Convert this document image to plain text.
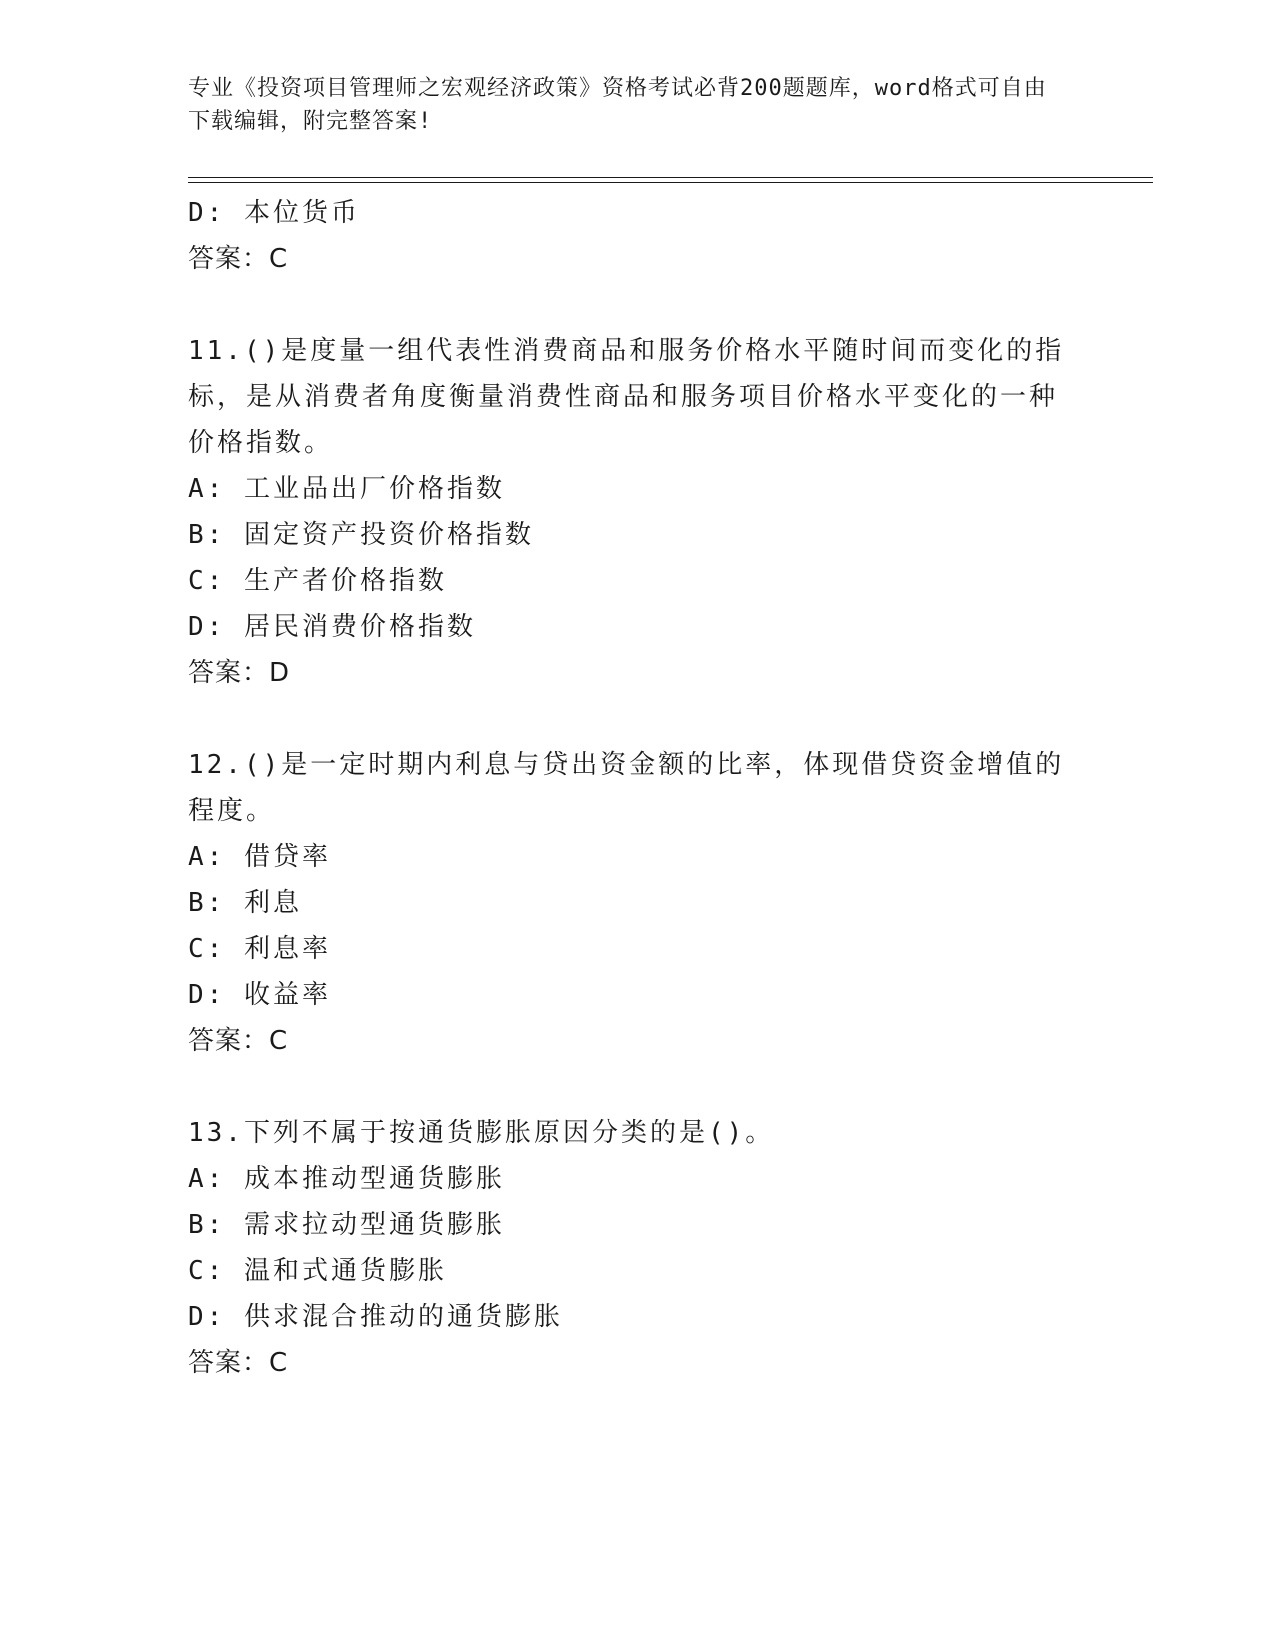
专业《投资项目管理师之宏观经济政策》资格考试必背200题题库，word格式可自由下载编辑，附完整答案!
D: 本位货币
答案：C
11.()是度量一组代表性消费商品和服务价格水平随时间而变化的指标，是从消费者角度衡量消费性商品和服务项目价格水平变化的一种价格指数。
A: 工业品出厂价格指数
B: 固定资产投资价格指数
C: 生产者价格指数
D: 居民消费价格指数
答案：D
12.()是一定时期内利息与贷出资金额的比率，体现借贷资金增值的程度。
A: 借贷率
B: 利息
C: 利息率
D: 收益率
答案：C
13.下列不属于按通货膨胀原因分类的是()。
A: 成本推动型通货膨胀
B: 需求拉动型通货膨胀
C: 温和式通货膨胀
D: 供求混合推动的通货膨胀
答案：C
